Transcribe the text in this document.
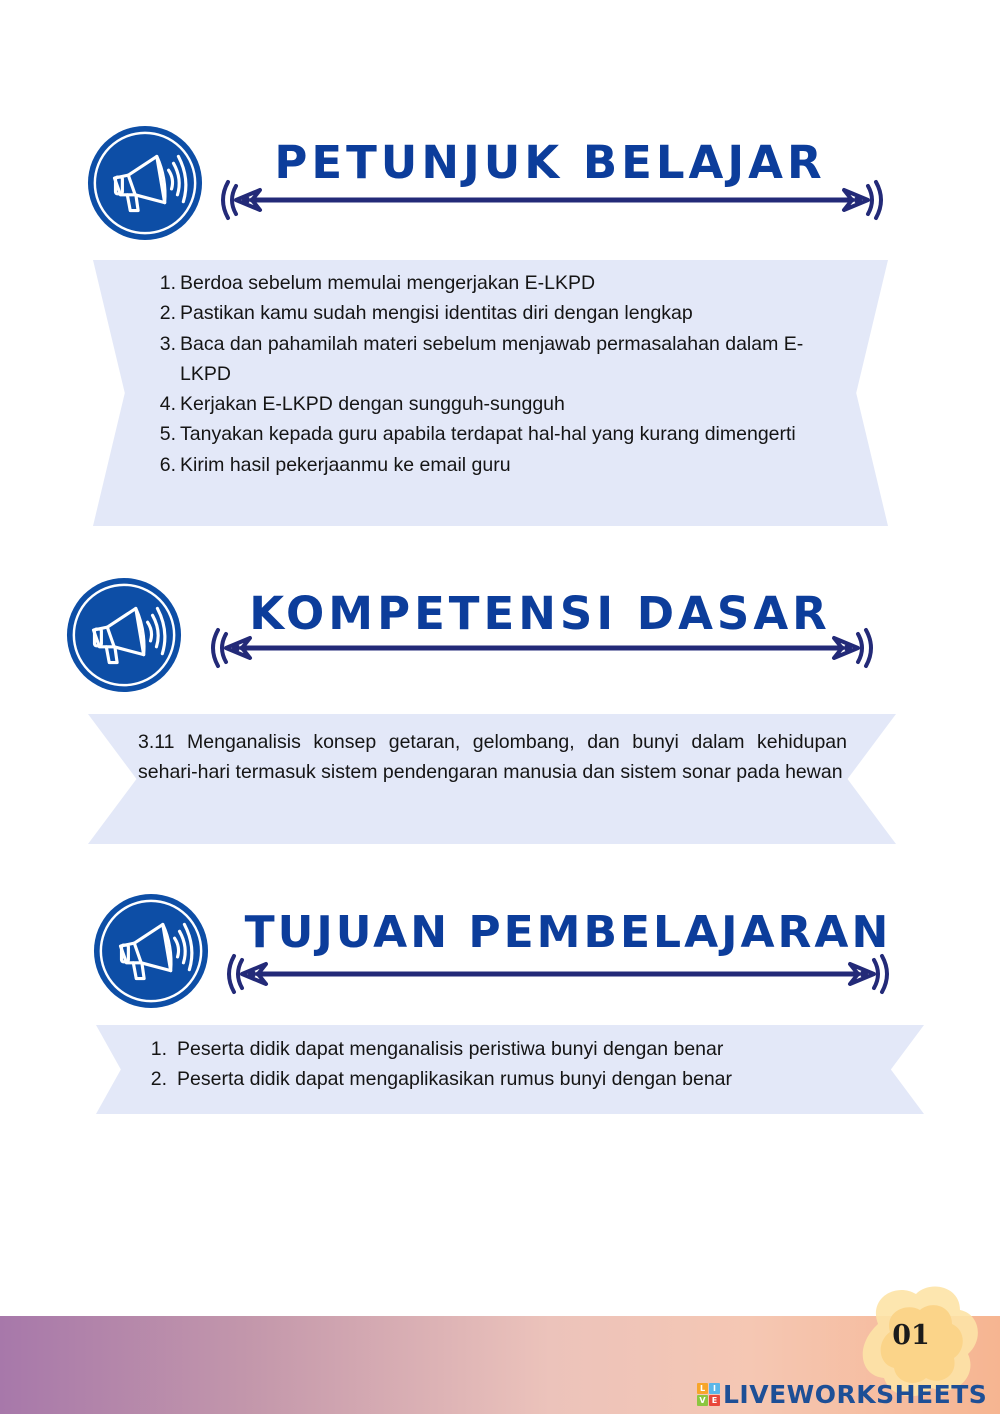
PETUNJUK BELAJAR
1. Berdoa sebelum memulai mengerjakan E-LKPD
2. Pastikan kamu sudah mengisi identitas diri dengan lengkap
3. Baca dan pahamilah materi sebelum menjawab permasalahan dalam E-LKPD
4. Kerjakan E-LKPD dengan sungguh-sungguh
5. Tanyakan kepada guru apabila terdapat hal-hal yang kurang dimengerti
6. Kirim hasil pekerjaanmu ke email guru
KOMPETENSI DASAR

3.11 Menganalisis konsep getaran, gelombang, dan bunyi dalam kehidupan sehari-hari termasuk sistem pendengaran manusia dan sistem sonar pada hewan

TUJUAN PEMBELAJARAN
1. Peserta didik dapat menganalisis peristiwa bunyi dengan benar
2. Peserta didik dapat mengaplikasikan rumus bunyi dengan benar
01
L I
V E LIVEWORKSHEETS
